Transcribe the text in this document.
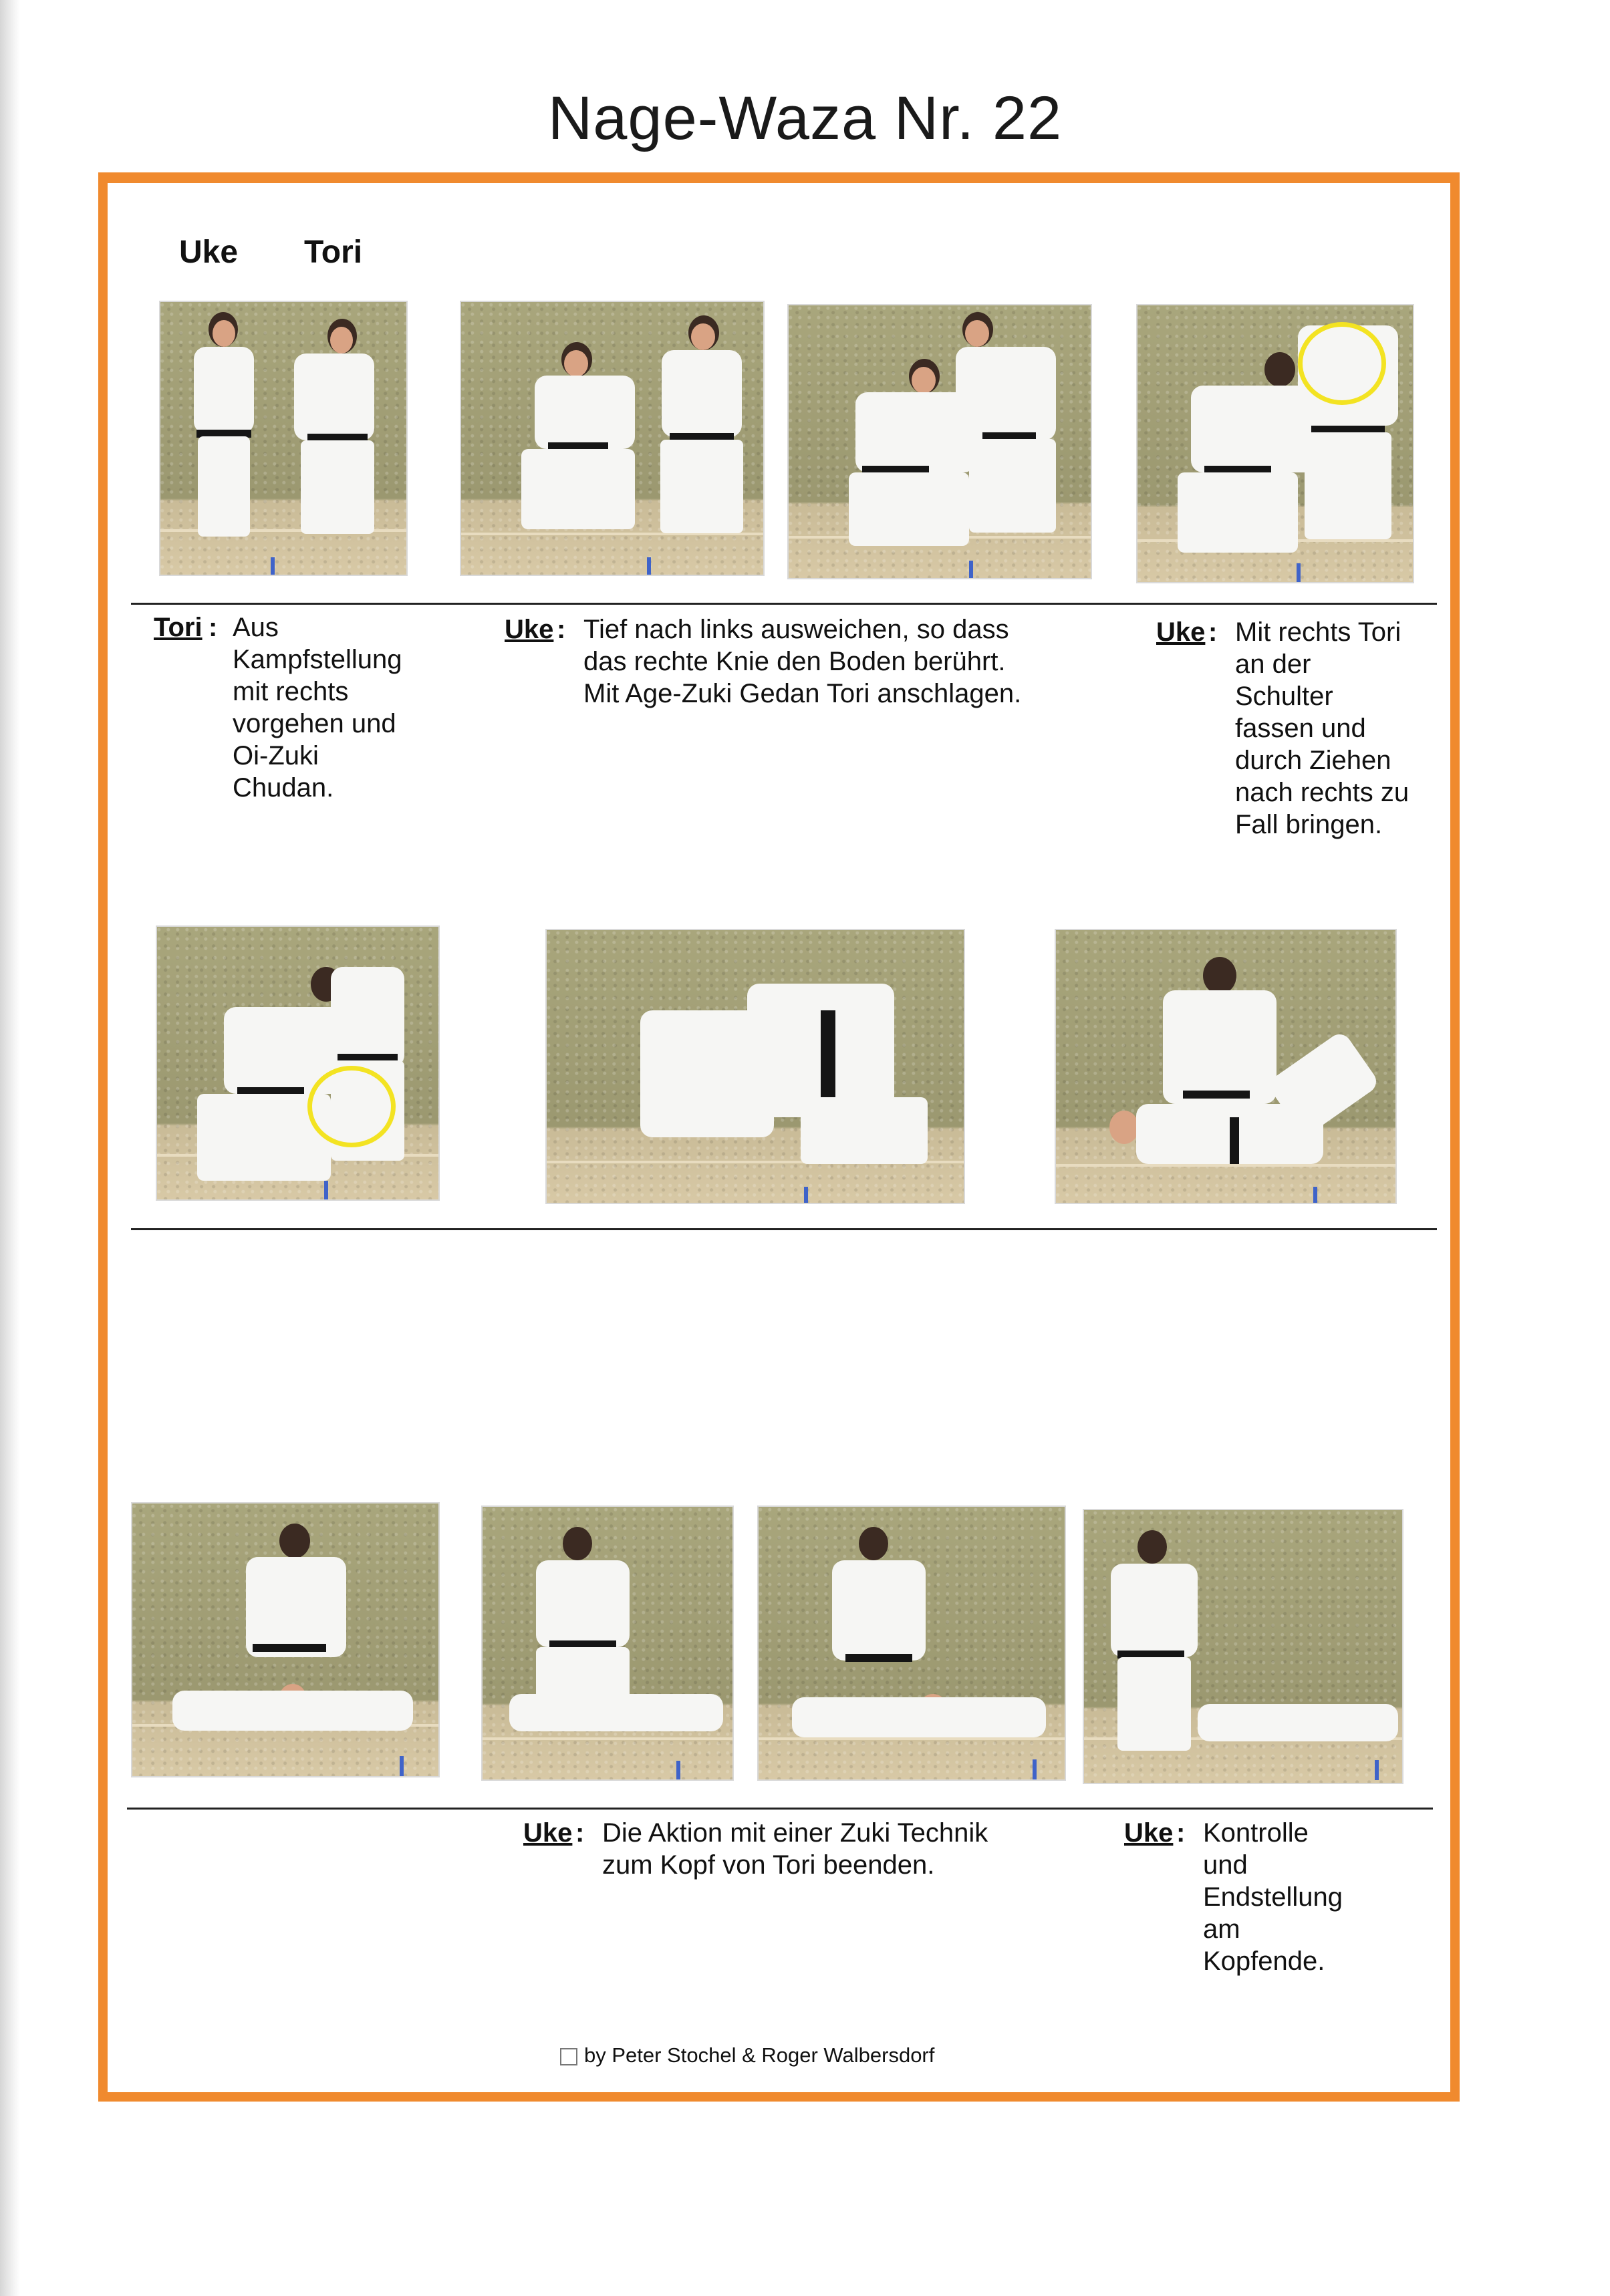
Nage-Waza Nr. 22
Uke Tori
Tori : Aus
Kampfstellung
mit rechts
vorgehen und
Oi-Zuki
Chudan.
Uke : Tief nach links ausweichen, so dass
das rechte Knie den Boden berührt.
Mit Age-Zuki Gedan Tori anschlagen.
Uke : Mit rechts Tori
an der
Schulter
fassen und
durch Ziehen
nach rechts zu
Fall bringen.
Uke : Die Aktion mit einer Zuki Technik
zum Kopf von Tori beenden.
Uke : Kontrolle
und
Endstellung
am
Kopfende.
by Peter Stochel & Roger Walbersdorf
